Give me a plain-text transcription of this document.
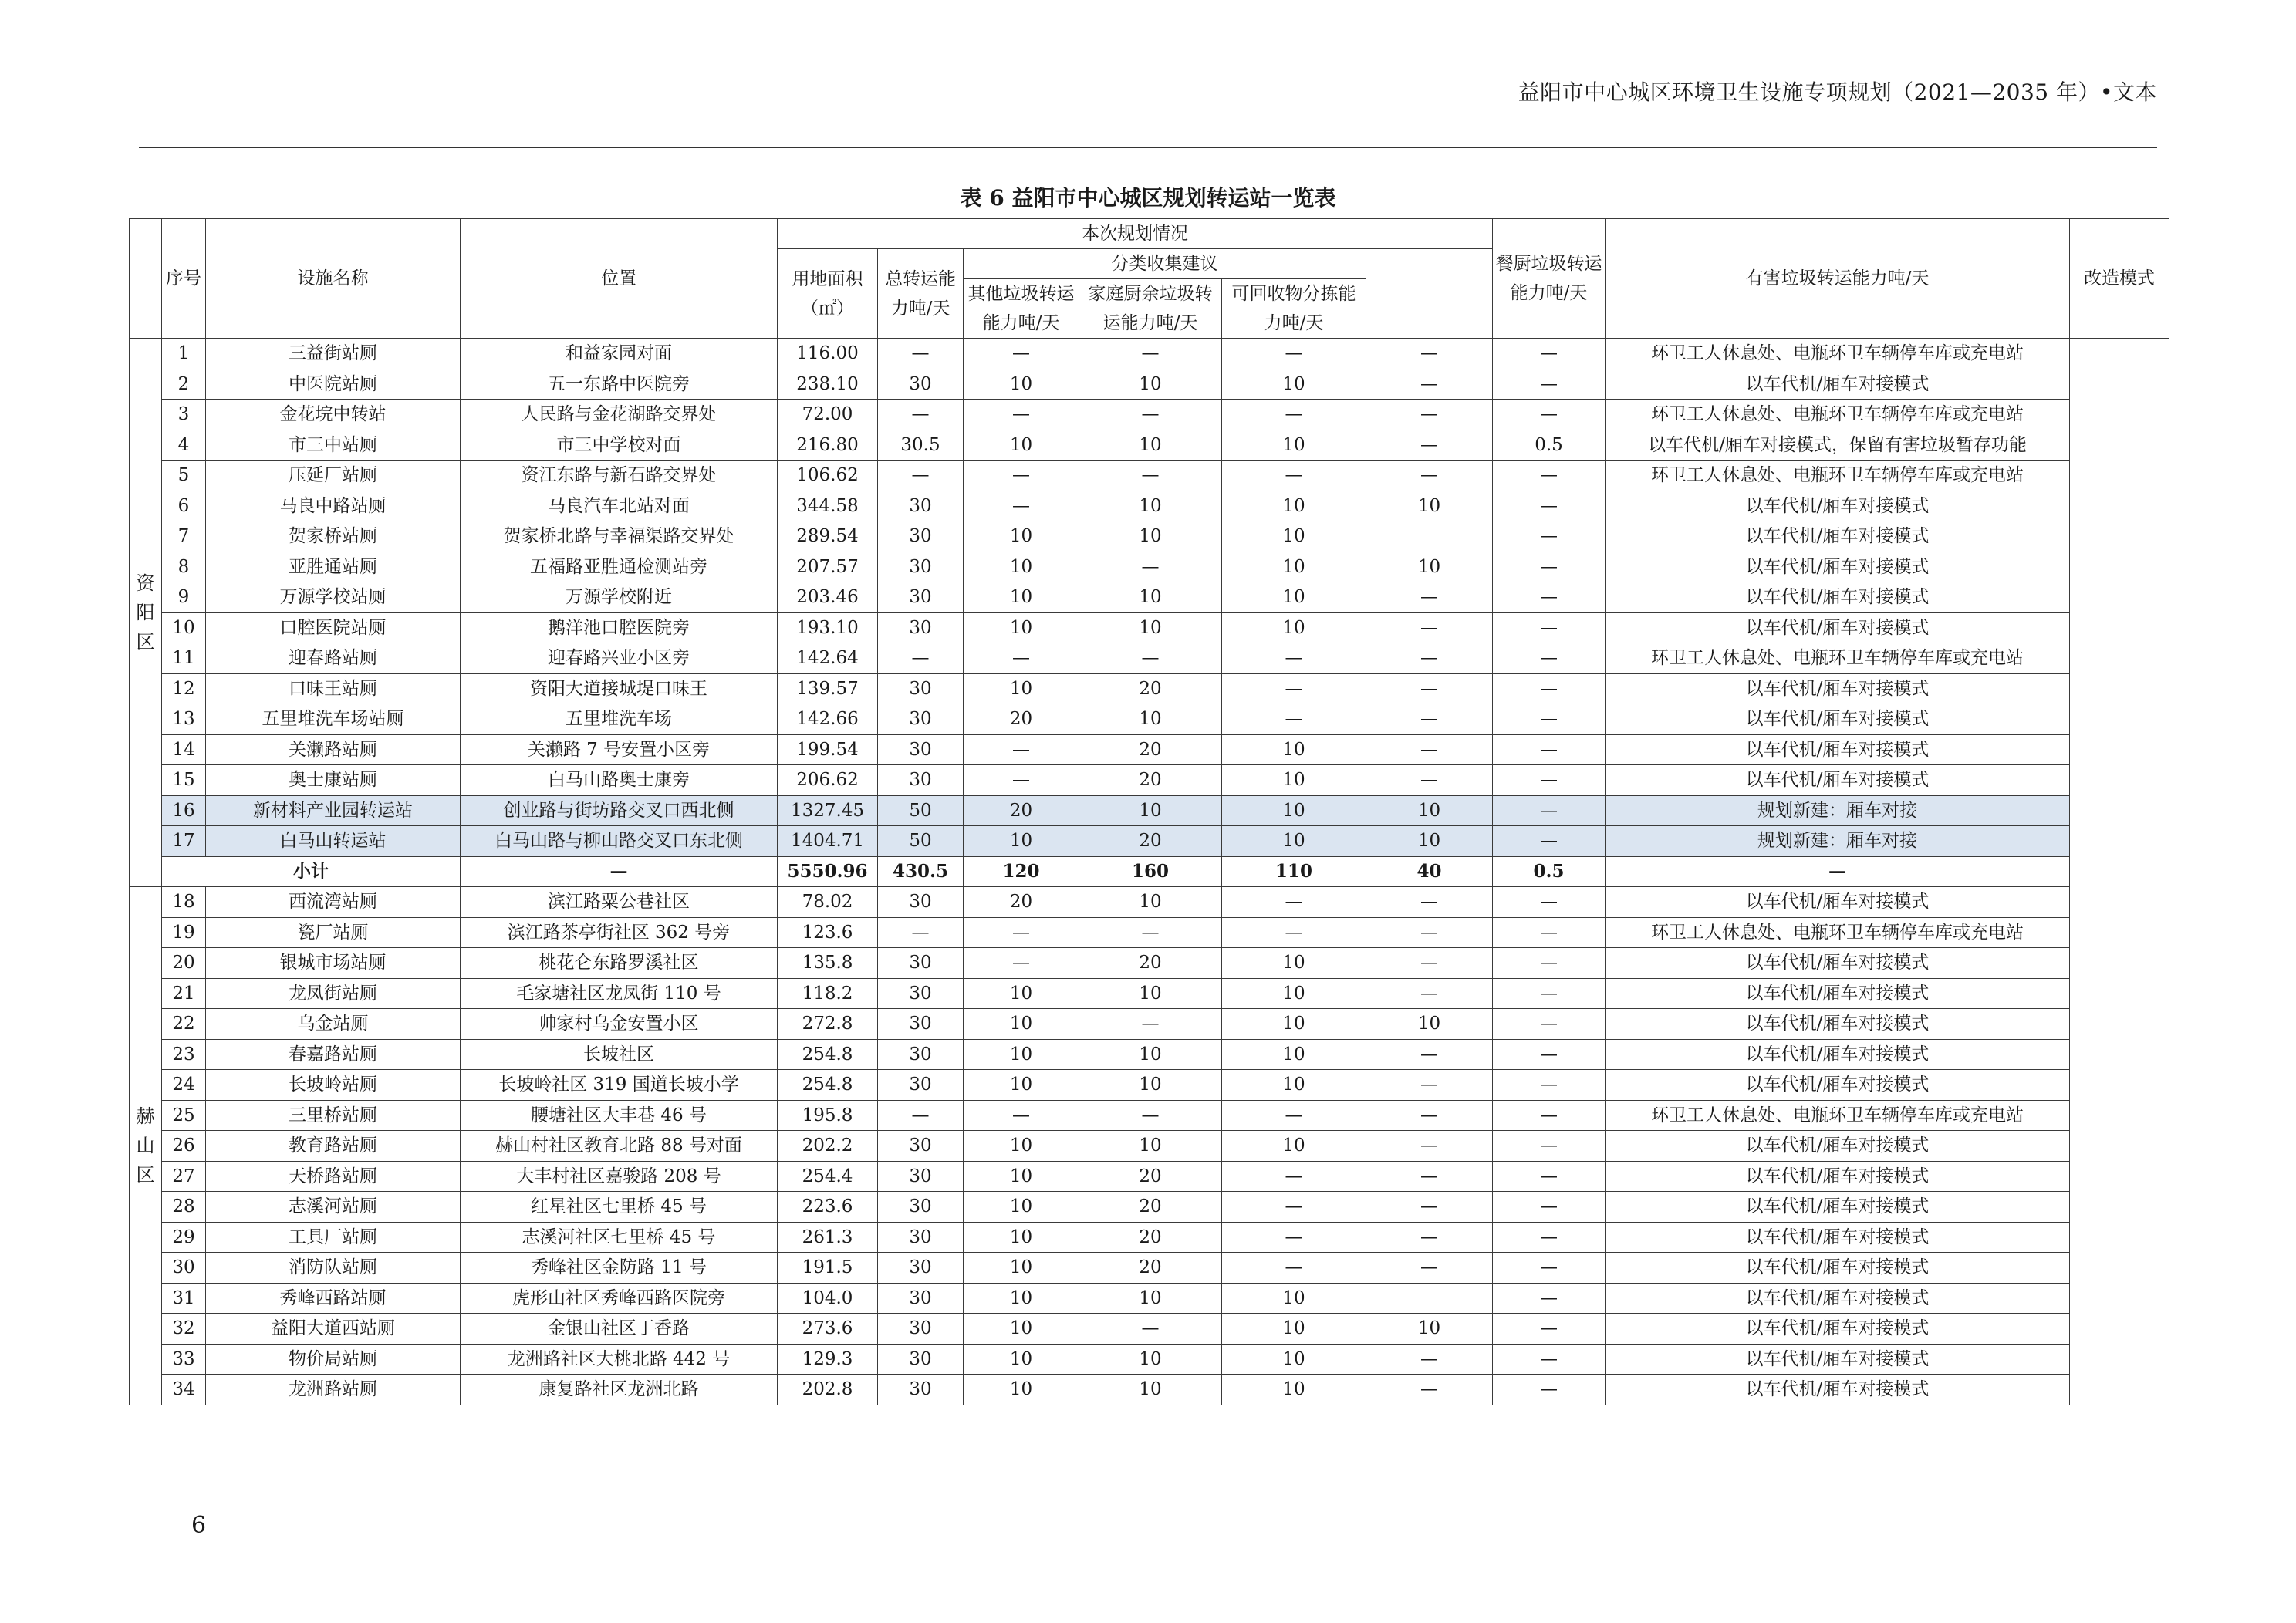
益阳市中心城区环境卫生设施专项规划（2021—2035 年）•文本
表 6 益阳市中心城区规划转运站一览表
	序号	设施名称	位置	本次规划情况						餐厨垃圾转运能力吨/天	有害垃圾转运能力吨/天	改造模式
				用地面积（㎡）	总转运能力吨/天	分类收集建议						
						其他垃圾转运能力吨/天	家庭厨余垃圾转运能力吨/天	可回收物分拣能力吨/天				
资阳区	1	三益街站厕	和益家园对面	116.00	—	—	—	—	—	—	环卫工人休息处、电瓶环卫车辆停车库或充电站	
	2	中医院站厕	五一东路中医院旁	238.10	30	10	10	10	—	—	以车代机/厢车对接模式	
	3	金花垸中转站	人民路与金花湖路交界处	72.00	—	—	—	—	—	—	环卫工人休息处、电瓶环卫车辆停车库或充电站	
	4	市三中站厕	市三中学校对面	216.80	30.5	10	10	10	—	0.5	以车代机/厢车对接模式，保留有害垃圾暂存功能	
	5	压延厂站厕	资江东路与新石路交界处	106.62	—	—	—	—	—	—	环卫工人休息处、电瓶环卫车辆停车库或充电站	
	6	马良中路站厕	马良汽车北站对面	344.58	30	—	10	10	10	—	以车代机/厢车对接模式	
	7	贺家桥站厕	贺家桥北路与幸福渠路交界处	289.54	30	10	10	10		—	以车代机/厢车对接模式	
	8	亚胜通站厕	五福路亚胜通检测站旁	207.57	30	10	—	10	10	—	以车代机/厢车对接模式	
	9	万源学校站厕	万源学校附近	203.46	30	10	10	10	—	—	以车代机/厢车对接模式	
	10	口腔医院站厕	鹅洋池口腔医院旁	193.10	30	10	10	10	—	—	以车代机/厢车对接模式	
	11	迎春路站厕	迎春路兴业小区旁	142.64	—	—	—	—	—	—	环卫工人休息处、电瓶环卫车辆停车库或充电站	
	12	口味王站厕	资阳大道接城堤口味王	139.57	30	10	20	—	—	—	以车代机/厢车对接模式	
	13	五里堆洗车场站厕	五里堆洗车场	142.66	30	20	10	—	—	—	以车代机/厢车对接模式	
	14	关濑路站厕	关濑路 7 号安置小区旁	199.54	30	—	20	10	—	—	以车代机/厢车对接模式	
	15	奥士康站厕	白马山路奥士康旁	206.62	30	—	20	10	—	—	以车代机/厢车对接模式	
	16	新材料产业园转运站	创业路与街坊路交叉口西北侧	1327.45	50	20	10	10	10	—	规划新建：厢车对接	
	17	白马山转运站	白马山路与柳山路交叉口东北侧	1404.71	50	10	20	10	10	—	规划新建：厢车对接	
	小计		—	5550.96	430.5	120	160	110	40	0.5	—	
赫山区	18	西流湾站厕	滨江路粟公巷社区	78.02	30	20	10	—	—	—	以车代机/厢车对接模式	
	19	瓷厂站厕	滨江路茶亭街社区 362 号旁	123.6	—	—	—	—	—	—	环卫工人休息处、电瓶环卫车辆停车库或充电站	
	20	银城市场站厕	桃花仑东路罗溪社区	135.8	30	—	20	10	—	—	以车代机/厢车对接模式	
	21	龙凤街站厕	毛家塘社区龙凤街 110 号	118.2	30	10	10	10	—	—	以车代机/厢车对接模式	
	22	乌金站厕	帅家村乌金安置小区	272.8	30	10	—	10	10	—	以车代机/厢车对接模式	
	23	春嘉路站厕	长坡社区	254.8	30	10	10	10	—	—	以车代机/厢车对接模式	
	24	长坡岭站厕	长坡岭社区 319 国道长坡小学	254.8	30	10	10	10	—	—	以车代机/厢车对接模式	
	25	三里桥站厕	腰塘社区大丰巷 46 号	195.8	—	—	—	—	—	—	环卫工人休息处、电瓶环卫车辆停车库或充电站	
	26	教育路站厕	赫山村社区教育北路 88 号对面	202.2	30	10	10	10	—	—	以车代机/厢车对接模式	
	27	天桥路站厕	大丰村社区嘉骏路 208 号	254.4	30	10	20	—	—	—	以车代机/厢车对接模式	
	28	志溪河站厕	红星社区七里桥 45 号	223.6	30	10	20	—	—	—	以车代机/厢车对接模式	
	29	工具厂站厕	志溪河社区七里桥 45 号	261.3	30	10	20	—	—	—	以车代机/厢车对接模式	
	30	消防队站厕	秀峰社区金防路 11 号	191.5	30	10	20	—	—	—	以车代机/厢车对接模式	
	31	秀峰西路站厕	虎形山社区秀峰西路医院旁	104.0	30	10	10	10		—	以车代机/厢车对接模式	
	32	益阳大道西站厕	金银山社区丁香路	273.6	30	10	—	10	10	—	以车代机/厢车对接模式	
	33	物价局站厕	龙洲路社区大桃北路 442 号	129.3	30	10	10	10	—	—	以车代机/厢车对接模式	
	34	龙洲路站厕	康复路社区龙洲北路	202.8	30	10	10	10	—	—	以车代机/厢车对接模式	
6
